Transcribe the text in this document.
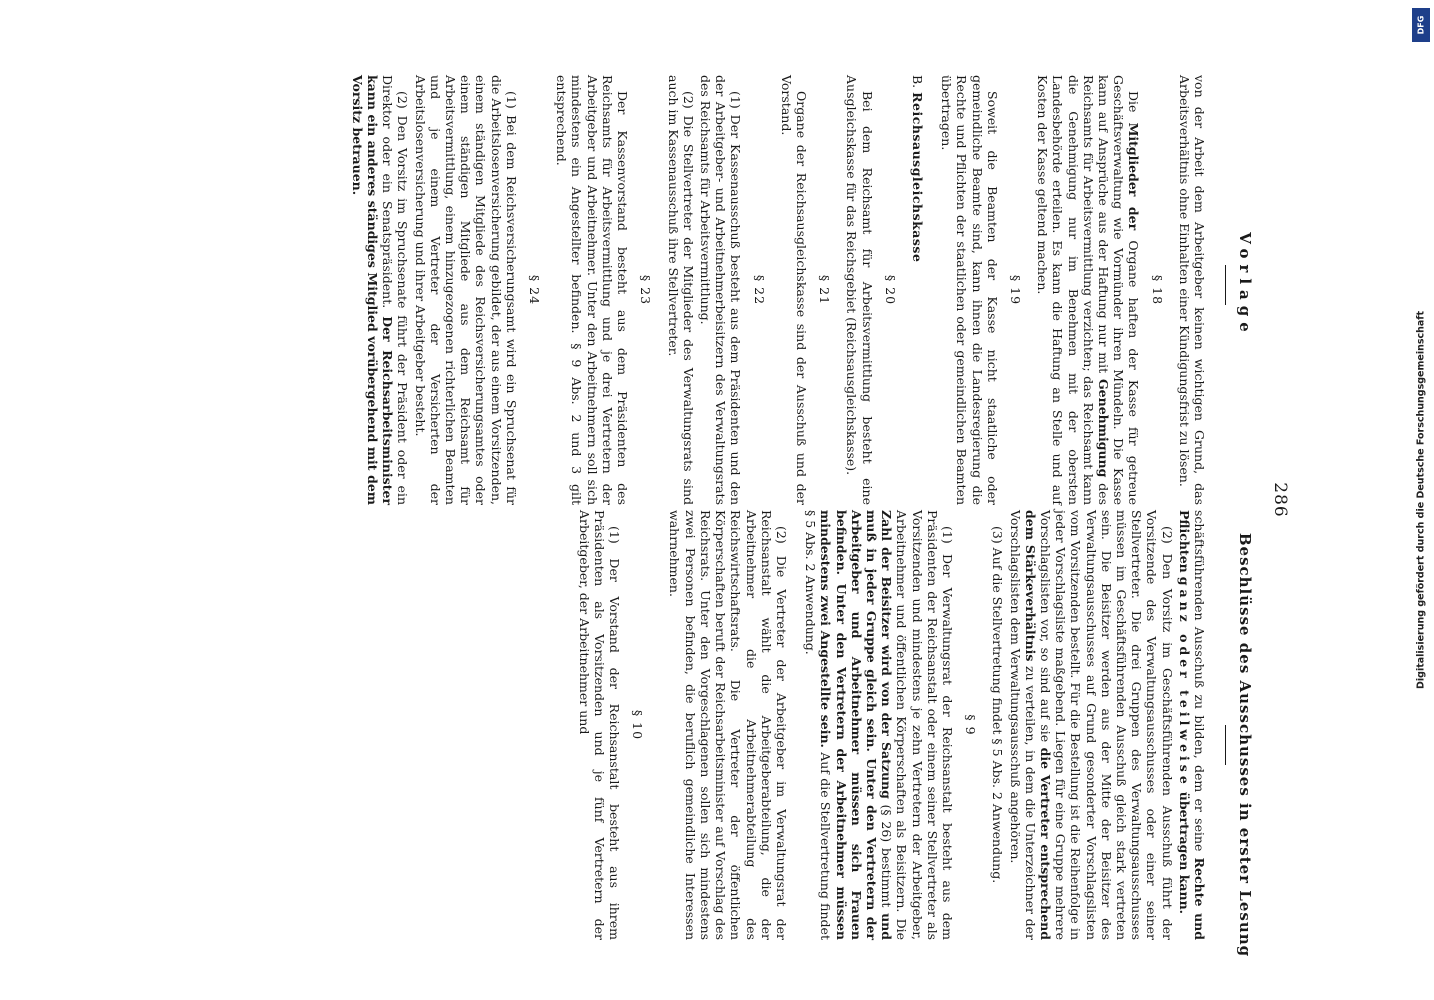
286
Vorlage
Beschlüsse des Ausschusses in erster Lesung

von der Arbeit dem Arbeitgeber keinen wichtigen Grund, das Arbeitsverhältnis ohne Einhalten einer Kündigungsfrist zu lösen.

§ 18

Die Mitglieder der Organe haften der Kasse für getreue Geschäftsverwaltung wie Vormünder ihren Mündeln. Die Kasse kann auf Ansprüche aus der Haftung nur mit Genehmigung des Reichsamts für Arbeitsvermittlung verzichten; das Reichsamt kann die Genehmigung nur im Benehmen mit der obersten Landesbehörde erteilen. Es kann die Haftung an Stelle und auf Kosten der Kasse geltend machen.

§ 19

Soweit die Beamten der Kasse nicht staatliche oder gemeindliche Beamte sind, kann ihnen die Landesregierung die Rechte und Pflichten der staatlichen oder gemeindlichen Beamten übertragen.

B. Reichsausgleichskasse

§ 20

Bei dem Reichsamt für Arbeitsvermittlung besteht eine Ausgleichskasse für das Reichsgebiet (Reichsausgleichskasse).

§ 21

Organe der Reichsausgleichskasse sind der Ausschuß und der Vorstand.

§ 22

(1) Der Kassenausschuß besteht aus dem Präsidenten und den der Arbeitgeber- und Arbeitnehmerbeisitzern des Verwaltungsrats des Reichsamts für Arbeitsvermittlung.

(2) Die Stellvertreter der Mitglieder des Verwaltungsrats sind auch im Kassenausschuß ihre Stellvertreter.

§ 23

Der Kassenvorstand besteht aus dem Präsidenten des Reichsamts für Arbeitsvermittlung und je drei Vertretern der Arbeitgeber und Arbeitnehmer. Unter den Arbeitnehmern soll sich mindestens ein Angestellter befinden. § 9 Abs. 2 und 3 gilt entsprechend.

§ 24

(1) Bei dem Reichsversicherungsamt wird ein Spruchsenat für die Arbeitslosenversicherung gebildet, der aus einem Vorsitzenden, einem ständigen Mitgliede des Reichsversicherungsamtes oder einem ständigen Mitgliede aus dem Reichsamt für Arbeitsvermittlung, einem hinzugezogenen richterlichen Beamten und je einem Vertreter der Versicherten der Arbeitslosenversicherung und ihrer Arbeitgeber besteht.

(2) Den Vorsitz im Spruchsenate führt der Präsident oder ein Direktor oder ein Senatspräsident. Der Reichsarbeitsminister kann ein anderes ständiges Mitglied vorübergehend mit dem Vorsitz betrauen.

schäftsführenden Ausschuß zu bilden, dem er seine Rechte und Pflichten ganz oder teilweise übertragen kann.

(2) Den Vorsitz im Geschäftsführenden Ausschuß führt der Vorsitzende des Verwaltungsausschusses oder einer seiner Stellvertreter. Die drei Gruppen des Verwaltungsausschusses müssen im Geschäftsführenden Ausschuß gleich stark vertreten sein. Die Beisitzer werden aus der Mitte der Beisitzer des Verwaltungsausschusses auf Grund gesonderter Vorschlagslisten vom Vorsitzenden bestellt. Für die Bestellung ist die Reihenfolge in jeder Vorschlagsliste maßgebend. Liegen für eine Gruppe mehrere Vorschlagslisten vor, so sind auf sie die Vertreter entsprechend dem Stärkeverhältnis zu verteilen, in dem die Unterzeichner der Vorschlagslisten dem Verwaltungsausschuß angehören.

(3) Auf die Stellvertretung findet § 5 Abs. 2 Anwendung.

§ 9

(1) Der Verwaltungsrat der Reichsanstalt besteht aus dem Präsidenten der Reichsanstalt oder einem seiner Stellvertreter als Vorsitzenden und mindestens je zehn Vertretern der Arbeitgeber, Arbeitnehmer und öffentlichen Körperschaften als Beisitzern. Die Zahl der Beisitzer wird von der Satzung (§ 26) bestimmt und muß in jeder Gruppe gleich sein. Unter den Vertretern der Arbeitgeber und Arbeitnehmer müssen sich Frauen befinden. Unter den Vertretern der Arbeitnehmer müssen mindestens zwei Angestellte sein. Auf die Stellvertretung findet § 5 Abs. 2 Anwendung.

(2) Die Vertreter der Arbeitgeber im Verwaltungsrat der Reichsanstalt wählt die Arbeitgeberabteilung, die der Arbeitnehmer die Arbeitnehmerabteilung des Reichswirtschaftsrats. Die Vertreter der öffentlichen Körperschaften beruft der Reichsarbeitsminister auf Vorschlag des Reichsrats. Unter den Vorgeschlagenen sollen sich mindestens zwei Personen befinden, die beruflich gemeindliche Interessen wahrnehmen.

§ 10

(1) Der Vorstand der Reichsanstalt besteht aus ihrem Präsidenten als Vorsitzenden und je fünf Vertretern der Arbeitgeber, der Arbeitnehmer und

DFG
Digitalisierung gefördert durch die Deutsche Forschungsgemeinschaft
